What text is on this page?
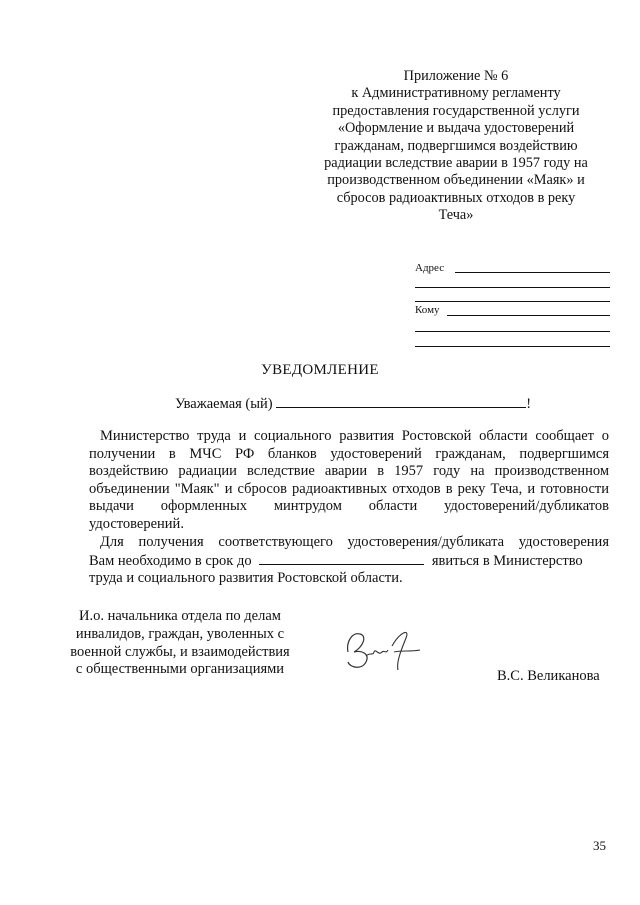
Приложение № 6
к Административному регламенту
предоставления государственной услуги
«Оформление и выдача удостоверений
гражданам, подвергшимся воздействию
радиации вследствие аварии в 1957 году на
производственном объединении «Маяк» и
сбросов радиоактивных отходов в реку
Теча»
Адрес
Кому
УВЕДОМЛЕНИЕ
Уважаемая (ый)	!
Министерство труда и социального развития Ростовской области сообщает о
получении в МЧС РФ бланков удостоверений гражданам, подвергшимся
воздействию радиации вследствие аварии в 1957 году на производственном
объединении "Маяк" и сбросов радиоактивных отходов в реку Теча, и готовности
выдачи оформленных минтрудом области удостоверений/дубликатов
удостоверений.
Для получения соответствующего удостоверения/дубликата удостоверения
Вам необходимо в срок до	явиться в Министерство
труда и социального развития Ростовской области.
И.о. начальника отдела по делам
инвалидов, граждан, уволенных с
военной службы, и взаимодействия
с общественными организациями	В.С. Великанова
35
